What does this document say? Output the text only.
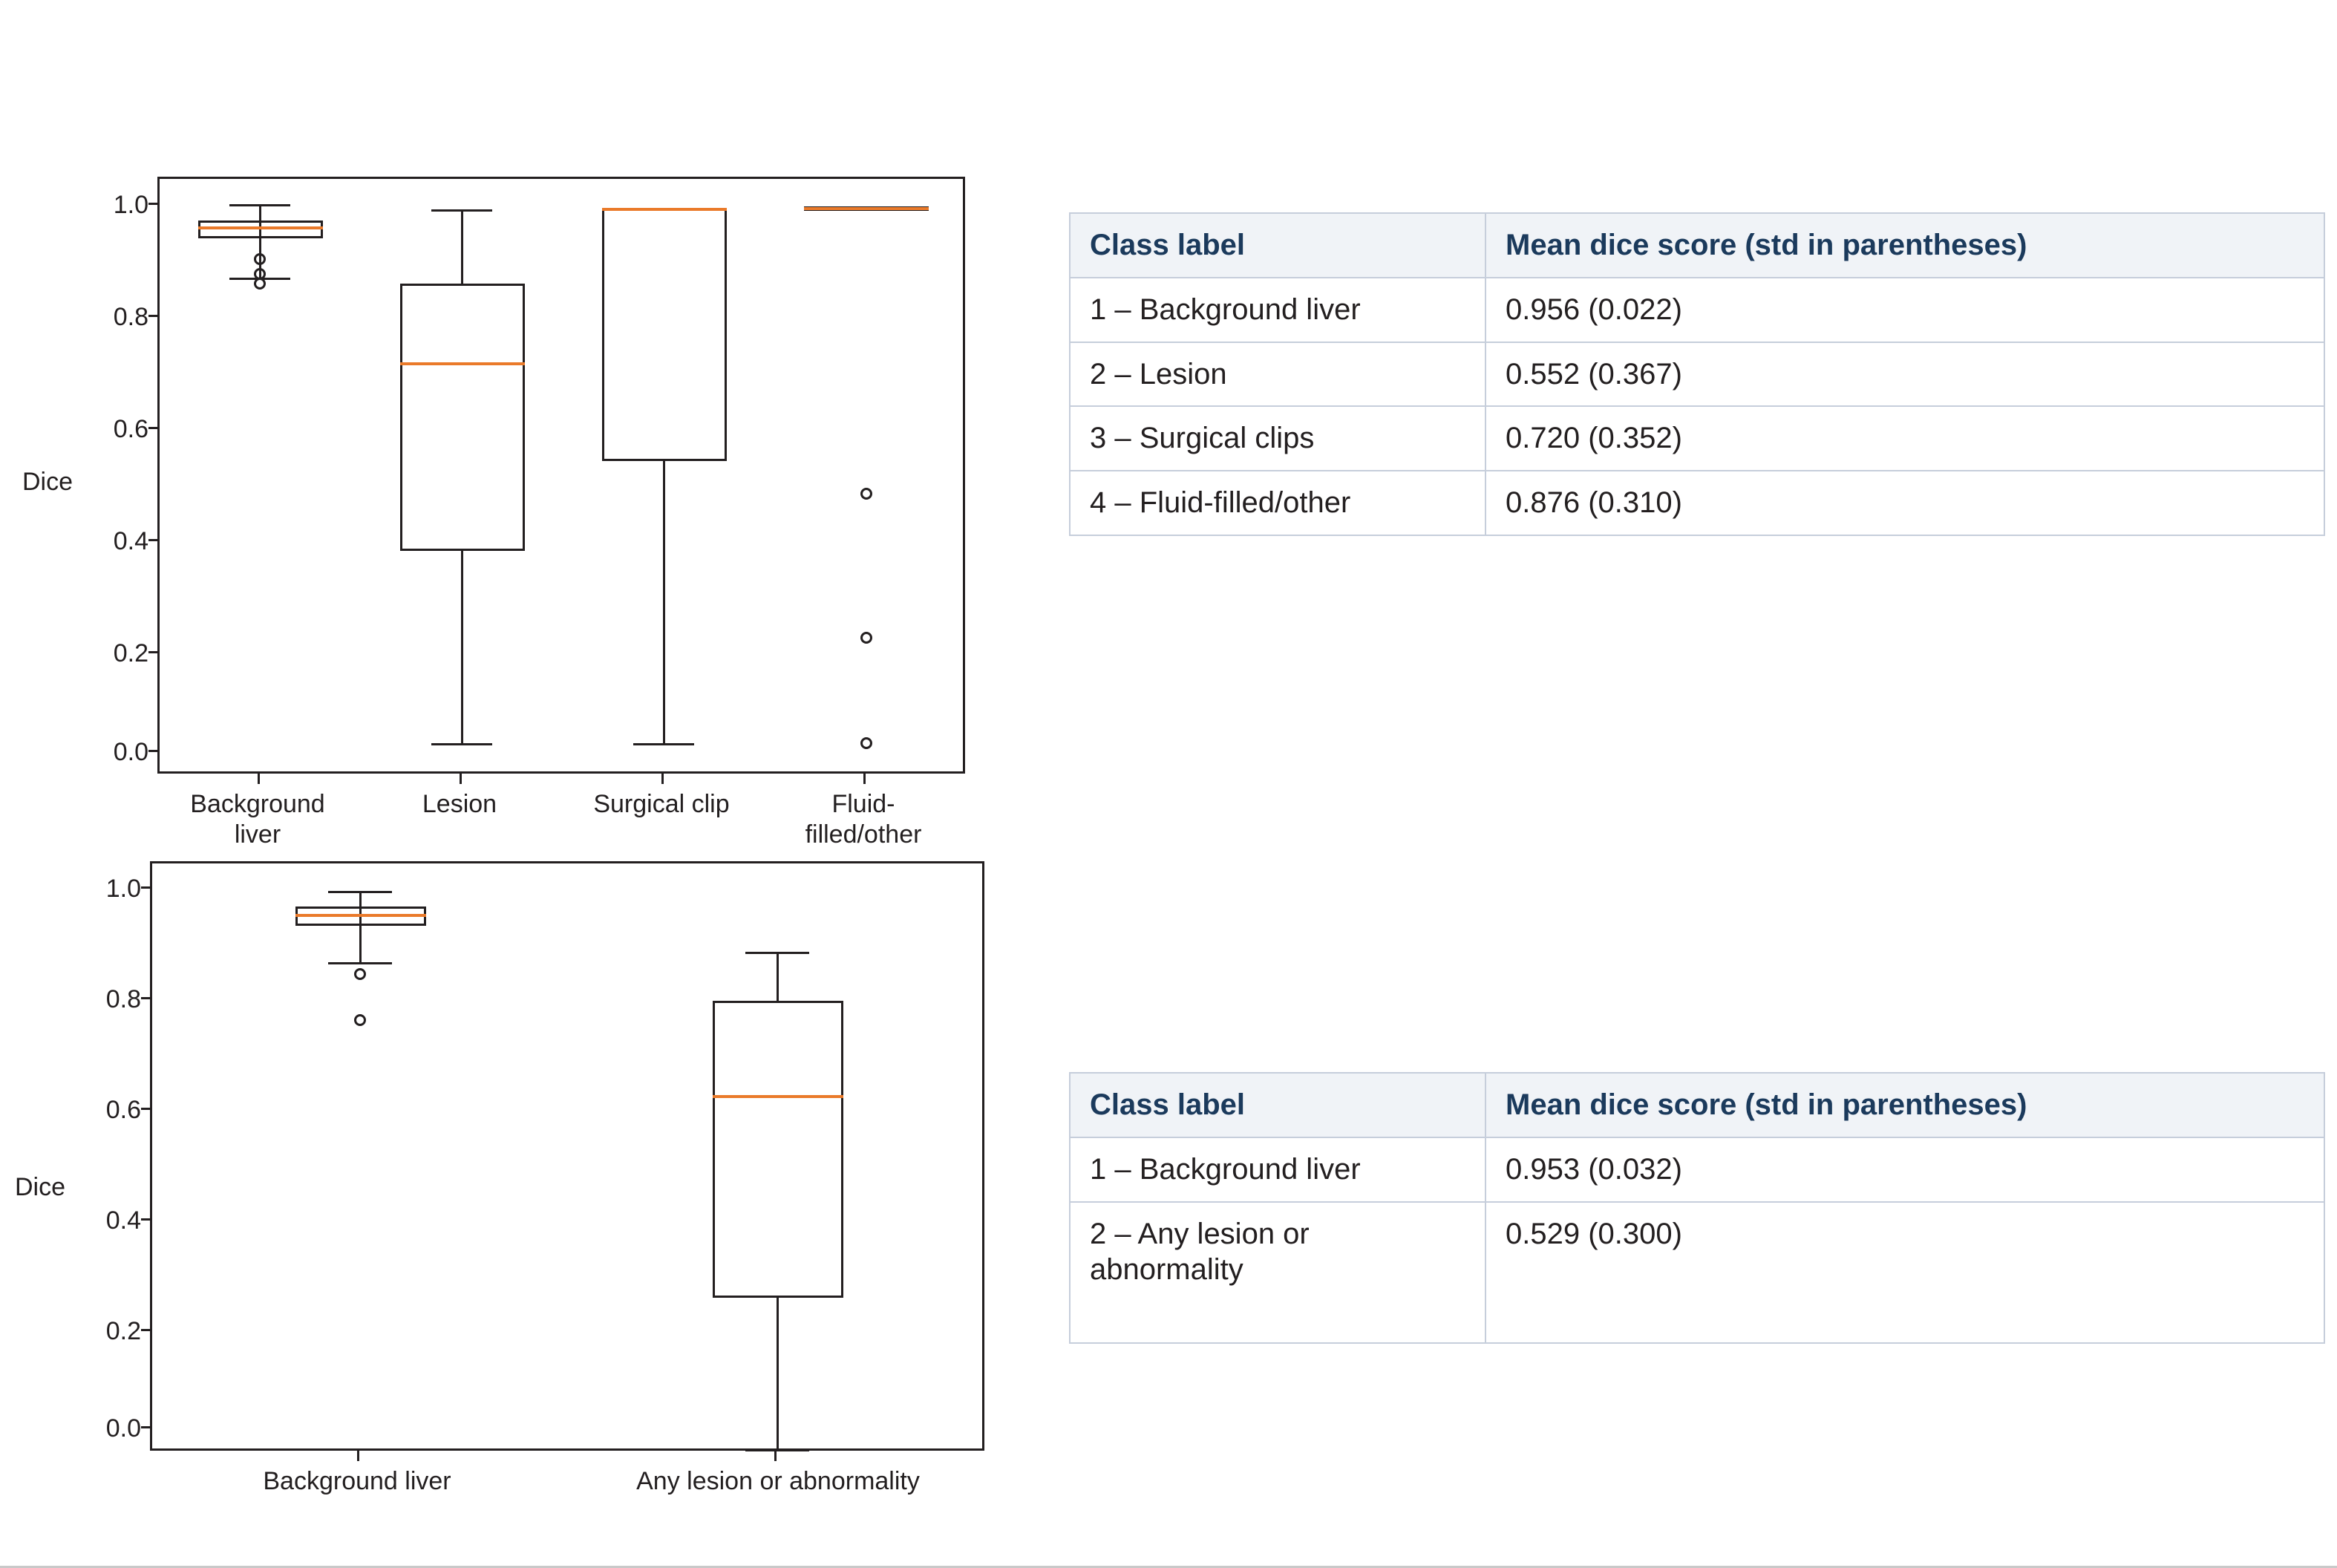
Dice
1.0
0.8
0.6
0.4
0.2
0.0
Background
liver
Lesion	Surgical clip	Fluid-
filled/other
Dice
1.0
0.8
0.6
0.4
0.2
0.0
Background liver	Any lesion or abnormality
Class label	Mean dice score (std in parentheses)
1 – Background liver	0.956 (0.022)
2 – Lesion	0.552 (0.367)
3 – Surgical clips	0.720 (0.352)
4 – Fluid-filled/other	0.876 (0.310)
Class label	Mean dice score (std in parentheses)
1 – Background liver	0.953 (0.032)
2 – Any lesion or abnormality	0.529 (0.300)
